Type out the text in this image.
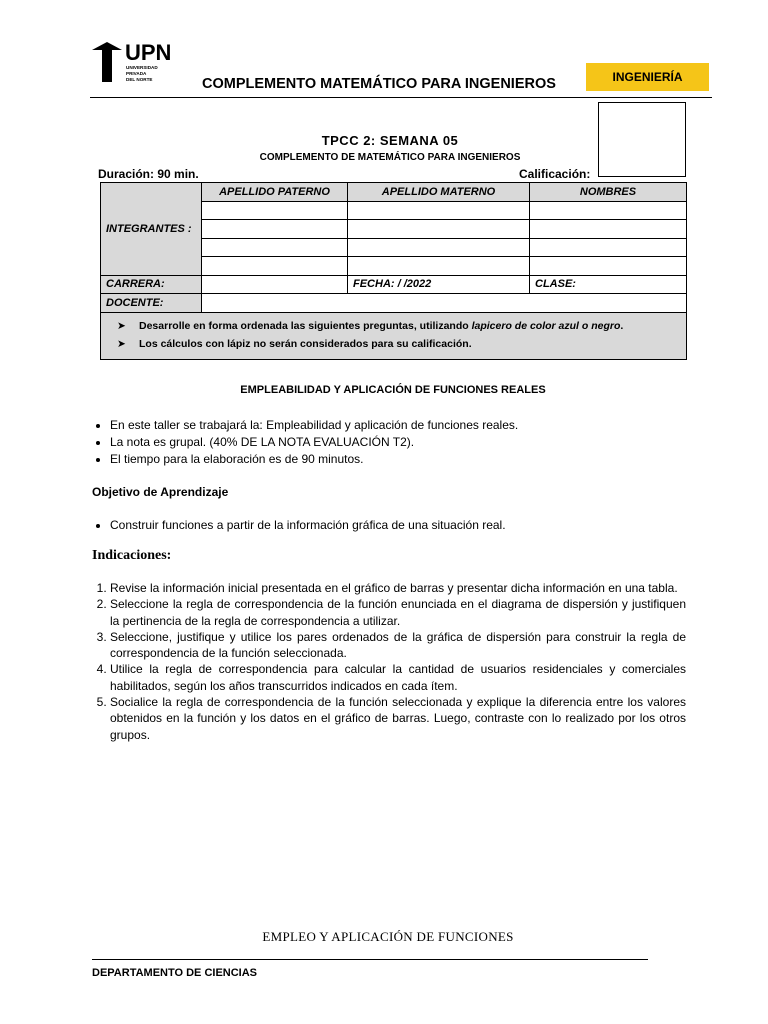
UPN
UNIVERSIDAD
PRIVADA
DEL NORTE	COMPLEMENTO MATEMÁTICO PARA INGENIEROS	INGENIERÍA
TPCC 2: SEMANA 05
COMPLEMENTO DE MATEMÁTICO PARA INGENIEROS
Duración: 90 min.	Calificación:
INTEGRANTES :	APELLIDO PATERNO	APELLIDO MATERNO	NOMBRES

CARRERA:		FECHA: / /2022	CLASE:
DOCENTE:			

➤ Desarrolle en forma ordenada las siguientes preguntas, utilizando lapicero de color azul o negro.
➤ Los cálculos con lápiz no serán considerados para su calificación.			
EMPLEABILIDAD Y APLICACIÓN DE FUNCIONES REALES
• En este taller se trabajará la: Empleabilidad y aplicación de funciones reales.
• La nota es grupal. (40% DE LA NOTA EVALUACIÓN T2).
• El tiempo para la elaboración es de 90 minutos.
Objetivo de Aprendizaje
• Construir funciones a partir de la información gráfica de una situación real.
Indicaciones:
1. Revise la información inicial presentada en el gráfico de barras y presentar dicha información en una tabla.
2. Seleccione la regla de correspondencia de la función enunciada en el diagrama de dispersión y justifiquen la pertinencia de la regla de correspondencia a utilizar.
3. Seleccione, justifique y utilice los pares ordenados de la gráfica de dispersión para construir la regla de correspondencia de la función seleccionada.
4. Utilice la regla de correspondencia para calcular la cantidad de usuarios residenciales y comerciales habilitados, según los años transcurridos indicados en cada ítem.
5. Socialice la regla de correspondencia de la función seleccionada y explique la diferencia entre los valores obtenidos en la función y los datos en el gráfico de barras. Luego, contraste con lo realizado por los otros grupos.
EMPLEO Y APLICACIÓN DE FUNCIONES
DEPARTAMENTO DE CIENCIAS
